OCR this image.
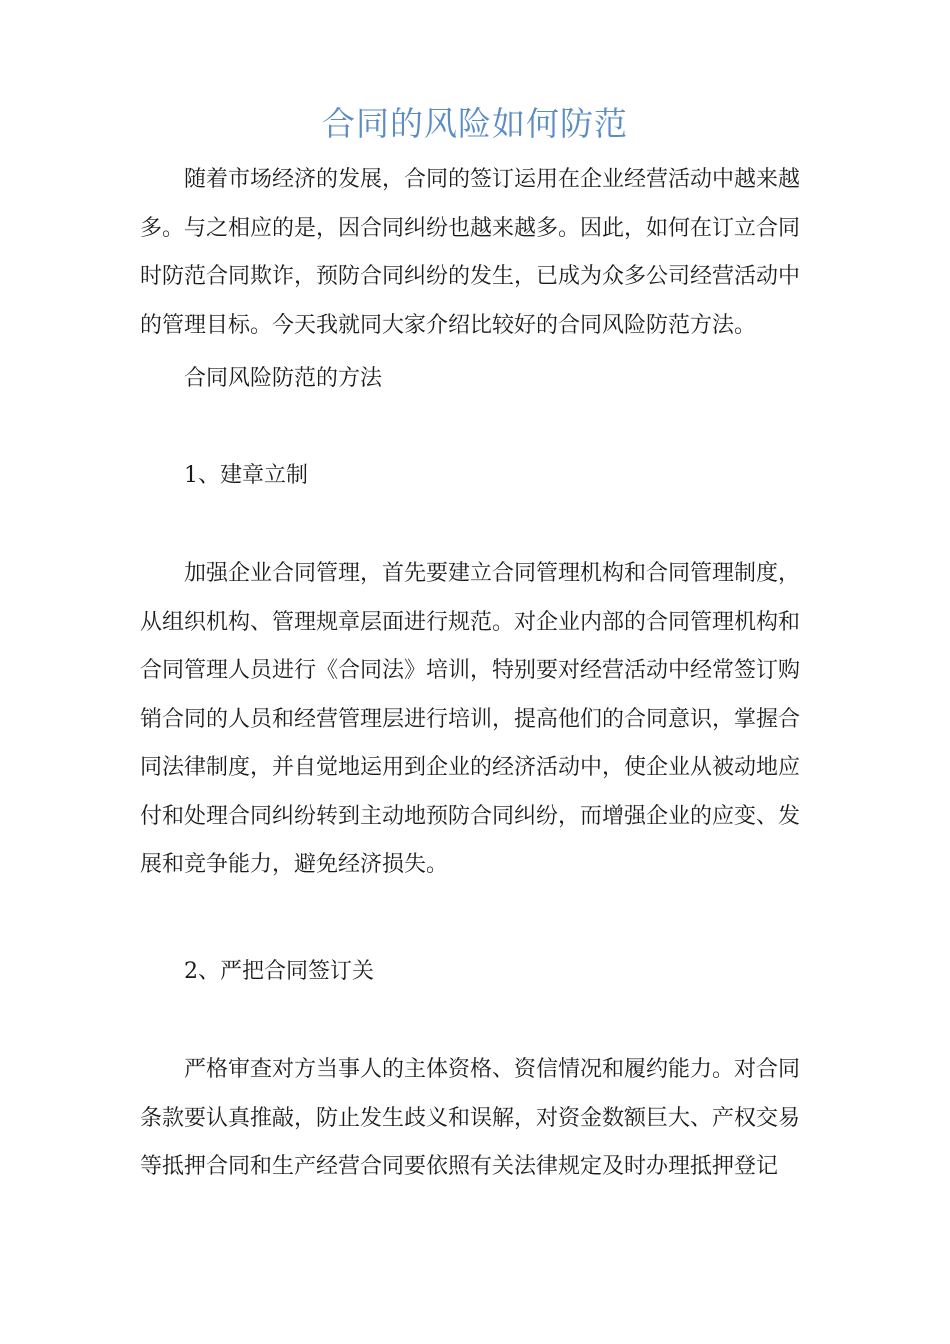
合同的风险如何防范

随着市场经济的发展，合同的签订运用在企业经营活动中越来越多。与之相应的是，因合同纠纷也越来越多。因此，如何在订立合同时防范合同欺诈，预防合同纠纷的发生，已成为众多公司经营活动中的管理目标。今天我就同大家介绍比较好的合同风险防范方法。

合同风险防范的方法

1、建章立制

加强企业合同管理，首先要建立合同管理机构和合同管理制度，从组织机构、管理规章层面进行规范。对企业内部的合同管理机构和合同管理人员进行《合同法》培训，特别要对经营活动中经常签订购销合同的人员和经营管理层进行培训，提高他们的合同意识，掌握合同法律制度，并自觉地运用到企业的经济活动中，使企业从被动地应付和处理合同纠纷转到主动地预防合同纠纷，而增强企业的应变、发展和竞争能力，避免经济损失。

2、严把合同签订关

严格审查对方当事人的主体资格、资信情况和履约能力。对合同条款要认真推敲，防止发生歧义和误解，对资金数额巨大、产权交易等抵押合同和生产经营合同要依照有关法律规定及时办理抵押登记
